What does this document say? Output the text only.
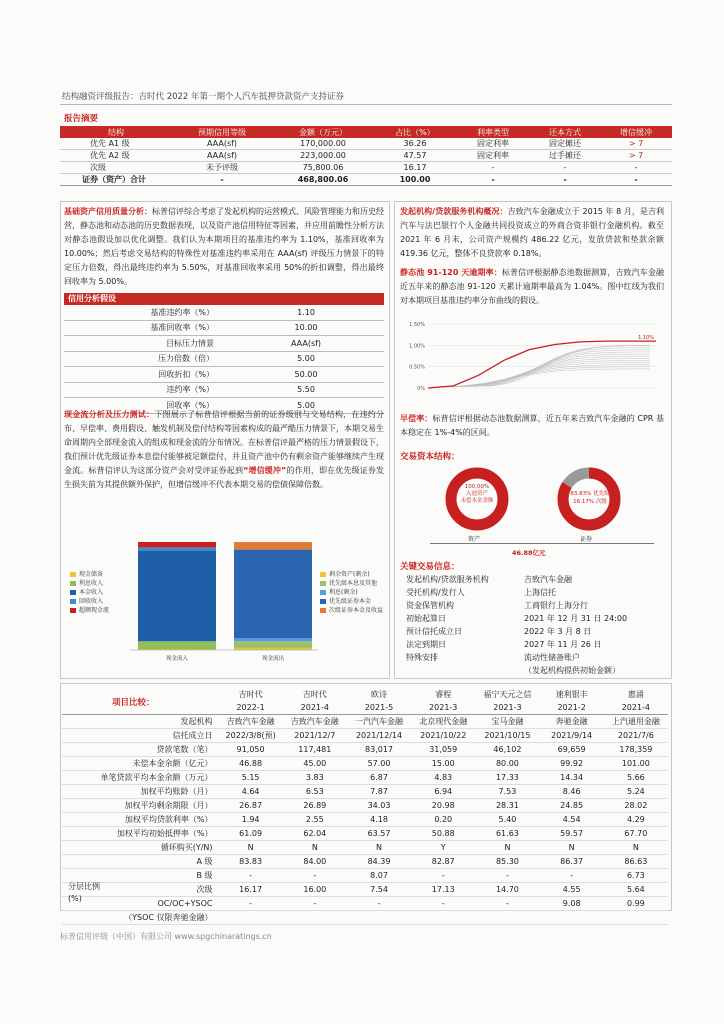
结构融资评级报告：吉时代 2022 年第一期个人汽车抵押贷款资产支持证券
报告摘要
结构	预期信用等级	金额（万元）	占比（%）	利率类型	还本方式	增信缓冲
优先 A1 级	AAA(sf)	170,000.00	36.26	固定利率	固定摊还	> 7
优先 A2 级	AAA(sf)	223,000.00	47.57	固定利率	过手摊还	> 7
次级	未予评级	75,800.06	16.17	-	-	-
证券（资产）合计	-	468,800.06	100.00	-	-	-
基础资产信用质量分析：标普信评综合考虑了发起机构的运营模式、风险管理能力和历史经营，静态池和动态池的历史数据表现，以及资产池信用特征等因素，并应用前瞻性分析方法对静态池假设加以优化调整。我们认为本期项目的基准违约率为 1.10%，基准回收率为 10.00%；然后考虑交易结构的特殊性对基准违约率采用在 AAA(sf) 评级压力情景下的特定压力倍数，得出最终违约率为 5.50%，对基准回收率采用 50%的折扣调整，得出最终回收率为 5.00%。
信用分析假设
基准违约率（%）	1.10
基准回收率（%）	10.00
目标压力情景	AAA(sf)
压力倍数（倍）	5.00
回收折扣（%）	50.00
违约率（%）	5.50
回收率（%）	5.00
现金流分析及压力测试：下图展示了标普信评根据当前的证券级别与交易结构，在违约分布、早偿率、费用假设、触发机制及偿付结构等因素构成的最严酷压力情景下，本期交易生命周期内全部现金流入的组成和现金流的分布情况。在标普信评最严格的压力情景假设下，我们预计优先级证券本息偿付能够被足额偿付，并且资产池中仍有剩余资产能够继续产生现金流。标普信评认为这部分资产会对受评证券起到“增信缓冲”的作用，即在优先级证券发生损失前为其提供额外保护，但增信缓冲不代表本期交易的偿债保障倍数。
现金储备
利息收入
本金收入
回收收入
超额现金流
剩余资产(剩余)
优先级本息及其他
利息(剩余)
优先级证券本金
次级证券本金及收益
现金流入	现金流出
发起机构/贷款服务机构概况：吉致汽车金融成立于 2015 年 8 月，是吉利汽车与法巴银行个人金融共同投资成立的外商合资非银行金融机构。截至 2021 年 6 月末，公司资产规模约 486.22 亿元，发放贷款和垫款余额 419.36 亿元，整体不良贷款率 0.18%。
静态池 91-120 天逾期率：标普信评根据静态池数据测算，吉致汽车金融近五年来的静态池 91-120 天累计逾期率最高为 1.04%。图中红线为我们对本期项目基准违约率分布曲线的假设。
1.50%
1.00%
0.50%
0%
1.10%
早偿率：标普信评根据动态池数据测算，近五年来吉致汽车金融的 CPR 基本稳定在 1%-4%的区间。
交易资本结构：
100.00%
入池资产
未偿本金余额
83.83% 优先级
16.17% 次级
资产	证券
46.88亿元
关键交易信息：
发起机构/贷款服务机构	吉致汽车金融
受托机构/发行人	上海信托
资金保管机构	工商银行上海分行
初始起算日	2021 年 12 月 31 日 24:00
预计信托成立日	2022 年 3 月 8 日
法定到期日	2027 年 11 月 26 日
特殊安排	流动性储备账户
	（发起机构提供初始金额）
项目比较：
	吉时代	吉时代	欧诗	睿程	福宁天元之信	速利银丰	惠涌
	2022-1	2021-4	2021-5	2021-3	2021-3	2021-2	2021-4
发起机构	吉致汽车金融	吉致汽车金融	一汽汽车金融	北京现代金融	宝马金融	奔驰金融	上汽通用金融
信托成立日	2022/3/8(预)	2021/12/7	2021/12/14	2021/10/22	2021/10/15	2021/9/14	2021/7/6
贷款笔数（笔）	91,050	117,481	83,017	31,059	46,102	69,659	178,359
未偿本金余额（亿元）	46.88	45.00	57.00	15.00	80.00	99.92	101.00
单笔贷款平均本金余额（万元）	5.15	3.83	6.87	4.83	17.33	14.34	5.66
加权平均账龄（月）	4.64	6.53	7.87	6.94	7.53	8.46	5.24
加权平均剩余期限（月）	26.87	26.89	34.03	20.98	28.31	24.85	28.02
加权平均贷款利率（%）	1.94	2.55	4.18	0.20	5.40	4.54	4.29
加权平均初始抵押率（%）	61.09	62.04	63.57	50.88	61.63	59.57	67.70
循环购买(Y/N)	N	N	N	Y	N	N	N

分层比例(%)
A 级	83.83	84.00	84.39	82.87	85.30	86.37	86.63
B 级	-	-	8.07	-	-	-	6.73
次级	16.17	16.00	7.54	17.13	14.70	4.55	5.64
OC/OC+YSOC	-	-	-	-	-	9.08	0.99
（YSOC 仅限奔驰金融）							
标普信用评级（中国）有限公司 www.spgchinaratings.cn
